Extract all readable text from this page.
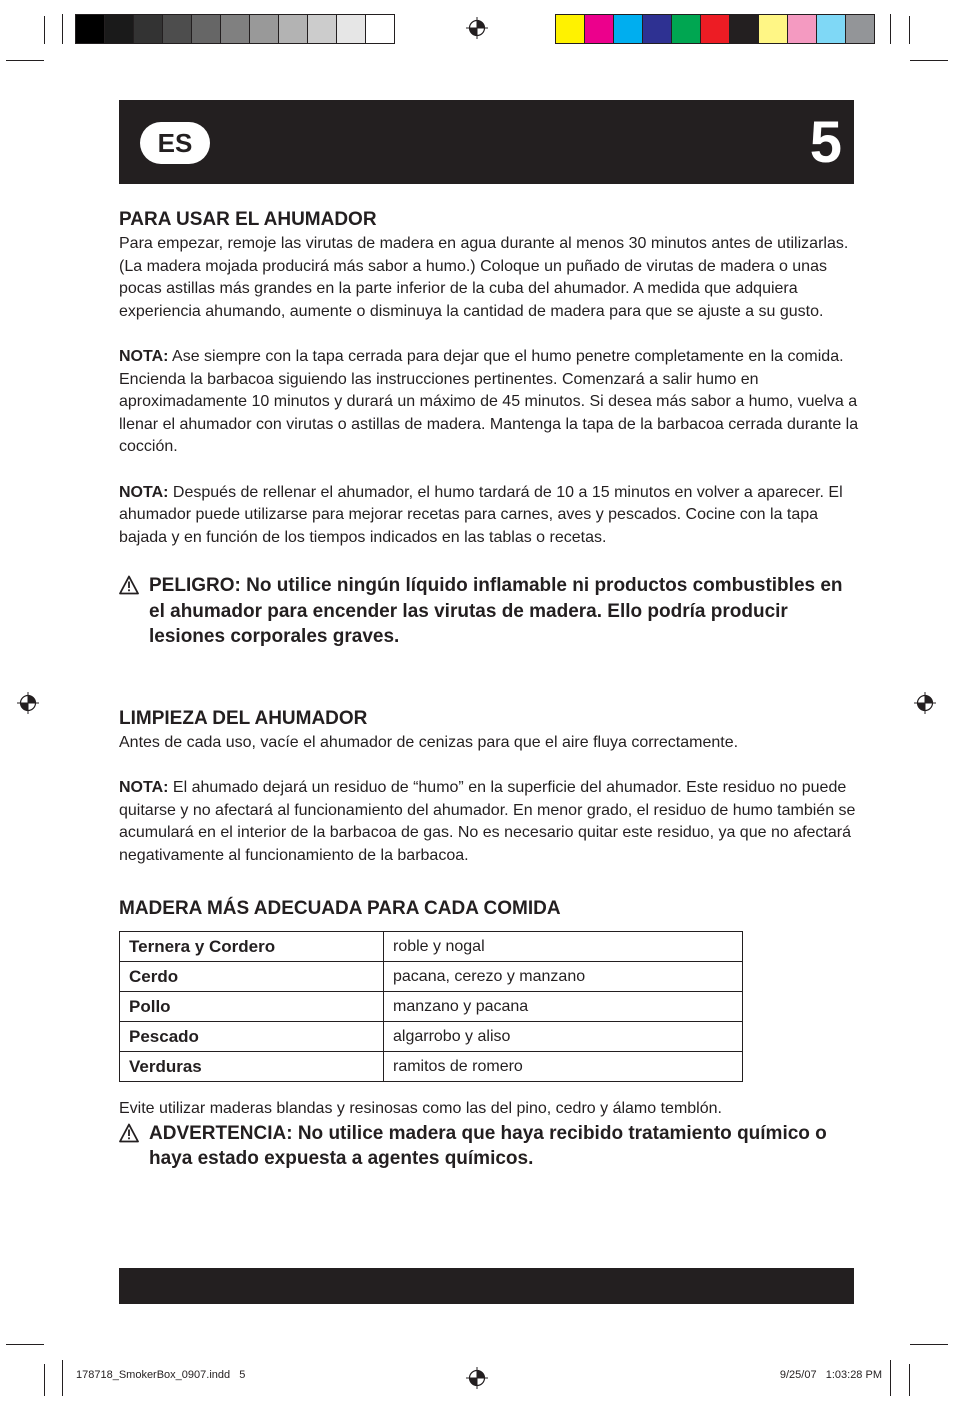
ES	5
PARA USAR EL AHUMADOR

Para empezar, remoje las virutas de madera en agua durante al menos 30 minutos antes de utilizarlas. (La madera mojada producirá más sabor a humo.) Coloque un puñado de virutas de madera o unas pocas astillas más grandes en la parte inferior de la cuba del ahumador. A medida que adquiera experiencia ahumando, aumente o disminuya la cantidad de madera para que se ajuste a su gusto.

NOTA: Ase siempre con la tapa cerrada para dejar que el humo penetre completamente en la comida. Encienda la barbacoa siguiendo las instrucciones pertinentes. Comenzará a salir humo en aproximadamente 10 minutos y durará un máximo de 45 minutos. Si desea más sabor a humo, vuelva a llenar el ahumador con virutas o astillas de madera. Mantenga la tapa de la barbacoa cerrada durante la cocción.

NOTA: Después de rellenar el ahumador, el humo tardará de 10 a 15 minutos en volver a aparecer. El ahumador puede utilizarse para mejorar recetas para carnes, aves y pescados. Cocine con la tapa bajada y en función de los tiempos indicados en las tablas o recetas.

PELIGRO: No utilice ningún líquido inflamable ni productos combustibles en el ahumador para encender las virutas de madera. Ello podría producir lesiones corporales graves.
LIMPIEZA DEL AHUMADOR

Antes de cada uso, vacíe el ahumador de cenizas para que el aire fluya correctamente.

NOTA: El ahumado dejará un residuo de “humo” en la superficie del ahumador. Este residuo no puede quitarse y no afectará al funcionamiento del ahumador. En menor grado, el residuo de humo también se acumulará en el interior de la barbacoa de gas. No es necesario quitar este residuo, ya que no afectará negativamente al funcionamiento de la barbacoa.

MADERA MÁS ADECUADA PARA CADA COMIDA
Ternera y Cordero	roble y nogal
Cerdo	pacana, cerezo y manzano
Pollo	manzano y pacana
Pescado	algarrobo y aliso
Verduras	ramitos de romero

Evite utilizar maderas blandas y resinosas como las del pino, cedro y álamo temblón.

ADVERTENCIA: No utilice madera que haya recibido tratamiento químico o haya estado expuesta a agentes químicos.
178718_SmokerBox_0907.indd   5	9/25/07   1:03:28 PM
